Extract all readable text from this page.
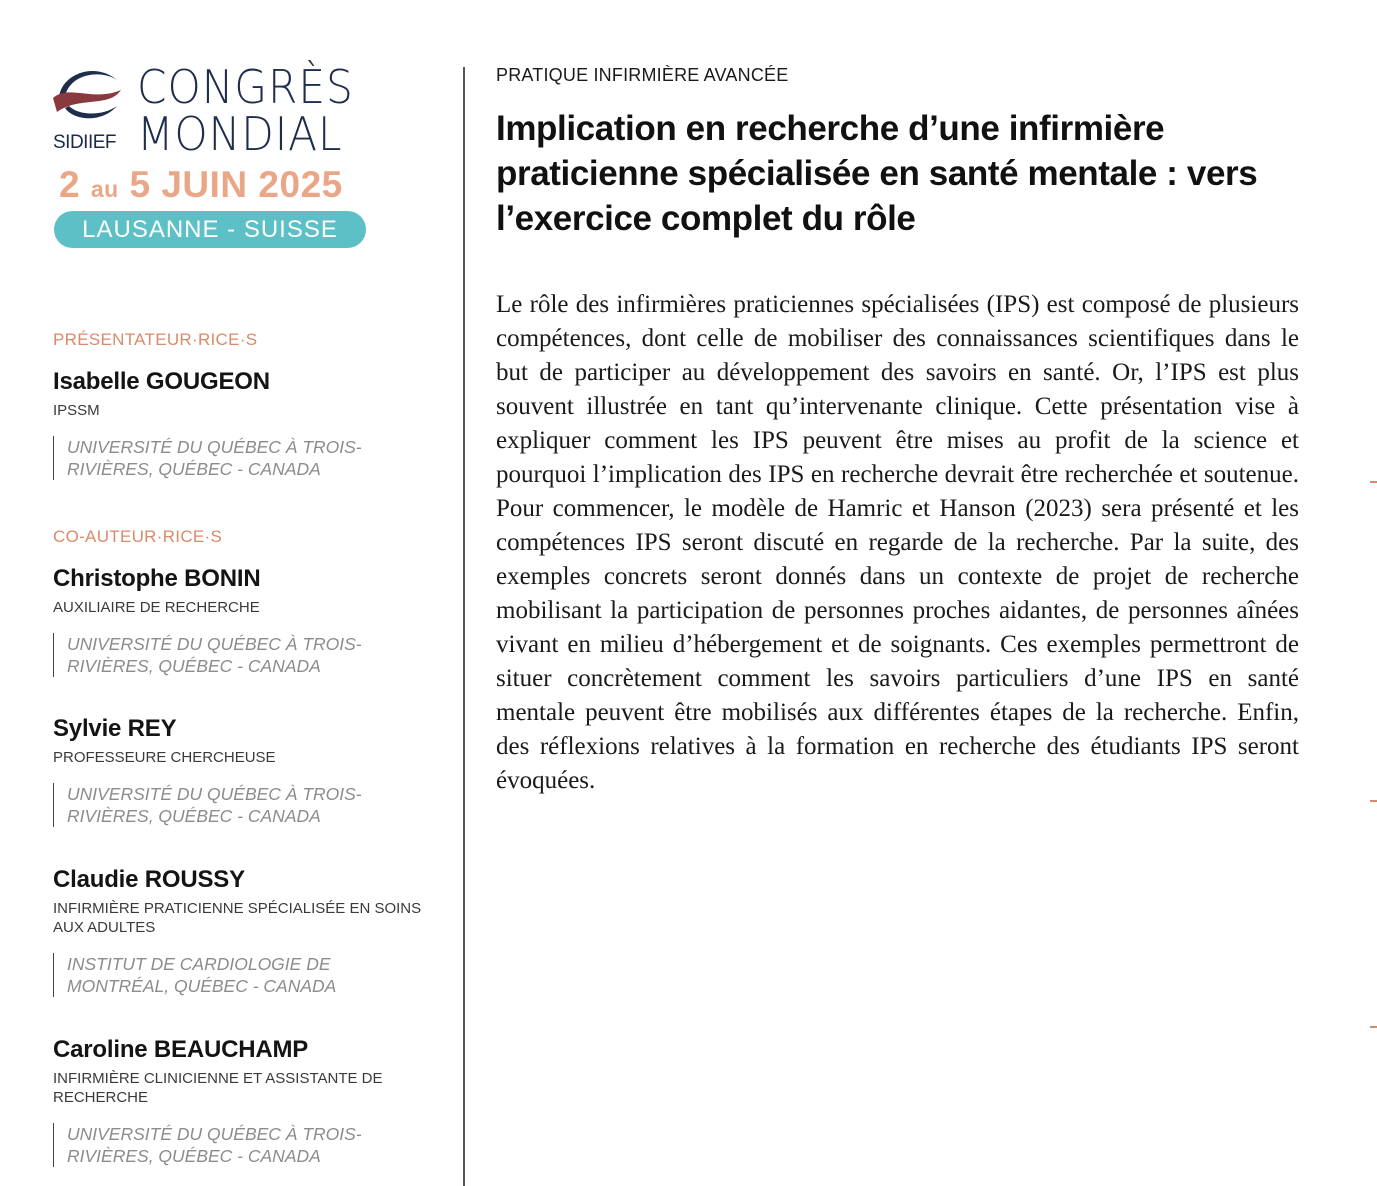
SIDIIEF
CONGRÈS
MONDIAL
2 au 5 JUIN 2025
LAUSANNE - SUISSE
PRÉSENTATEUR·RICE·S
Isabelle GOUGEON
IPSSM
UNIVERSITÉ DU QUÉBEC À TROIS-RIVIÈRES, QUÉBEC - CANADA
CO-AUTEUR·RICE·S
Christophe BONIN
AUXILIAIRE DE RECHERCHE
UNIVERSITÉ DU QUÉBEC À TROIS-RIVIÈRES, QUÉBEC - CANADA
Sylvie REY
PROFESSEURE CHERCHEUSE
UNIVERSITÉ DU QUÉBEC À TROIS-RIVIÈRES, QUÉBEC - CANADA
Claudie ROUSSY
INFIRMIÈRE PRATICIENNE SPÉCIALISÉE EN SOINS AUX ADULTES
INSTITUT DE CARDIOLOGIE DE MONTRÉAL, QUÉBEC - CANADA
Caroline BEAUCHAMP
INFIRMIÈRE CLINICIENNE ET ASSISTANTE DE RECHERCHE
UNIVERSITÉ DU QUÉBEC À TROIS-RIVIÈRES, QUÉBEC - CANADA
PRATIQUE INFIRMIÈRE AVANCÉE
Implication en recherche d’une infirmière praticienne spécialisée en santé mentale : vers l’exercice complet du rôle

Le rôle des infirmières praticiennes spécialisées (IPS) est composé de plusieurs compétences, dont celle de mobiliser des connaissances scientifiques dans le but de participer au développement des savoirs en santé. Or, l’IPS est plus souvent illustrée en tant qu’intervenante clinique. Cette présentation vise à expliquer comment les IPS peuvent être mises au profit de la science et pourquoi l’implication des IPS en recherche devrait être recherchée et soutenue. Pour commencer, le modèle de Hamric et Hanson (2023) sera présenté et les compétences IPS seront discuté en regarde de la recherche. Par la suite, des exemples concrets seront donnés dans un contexte de projet de recherche mobilisant la participation de personnes proches aidantes, de personnes aînées vivant en milieu d’hébergement et de soignants. Ces exemples permettront de situer concrètement comment les savoirs particuliers d’une IPS en santé mentale peuvent être mobilisés aux différentes étapes de la recherche. Enfin, des réflexions relatives à la formation en recherche des étudiants IPS seront évoquées.
